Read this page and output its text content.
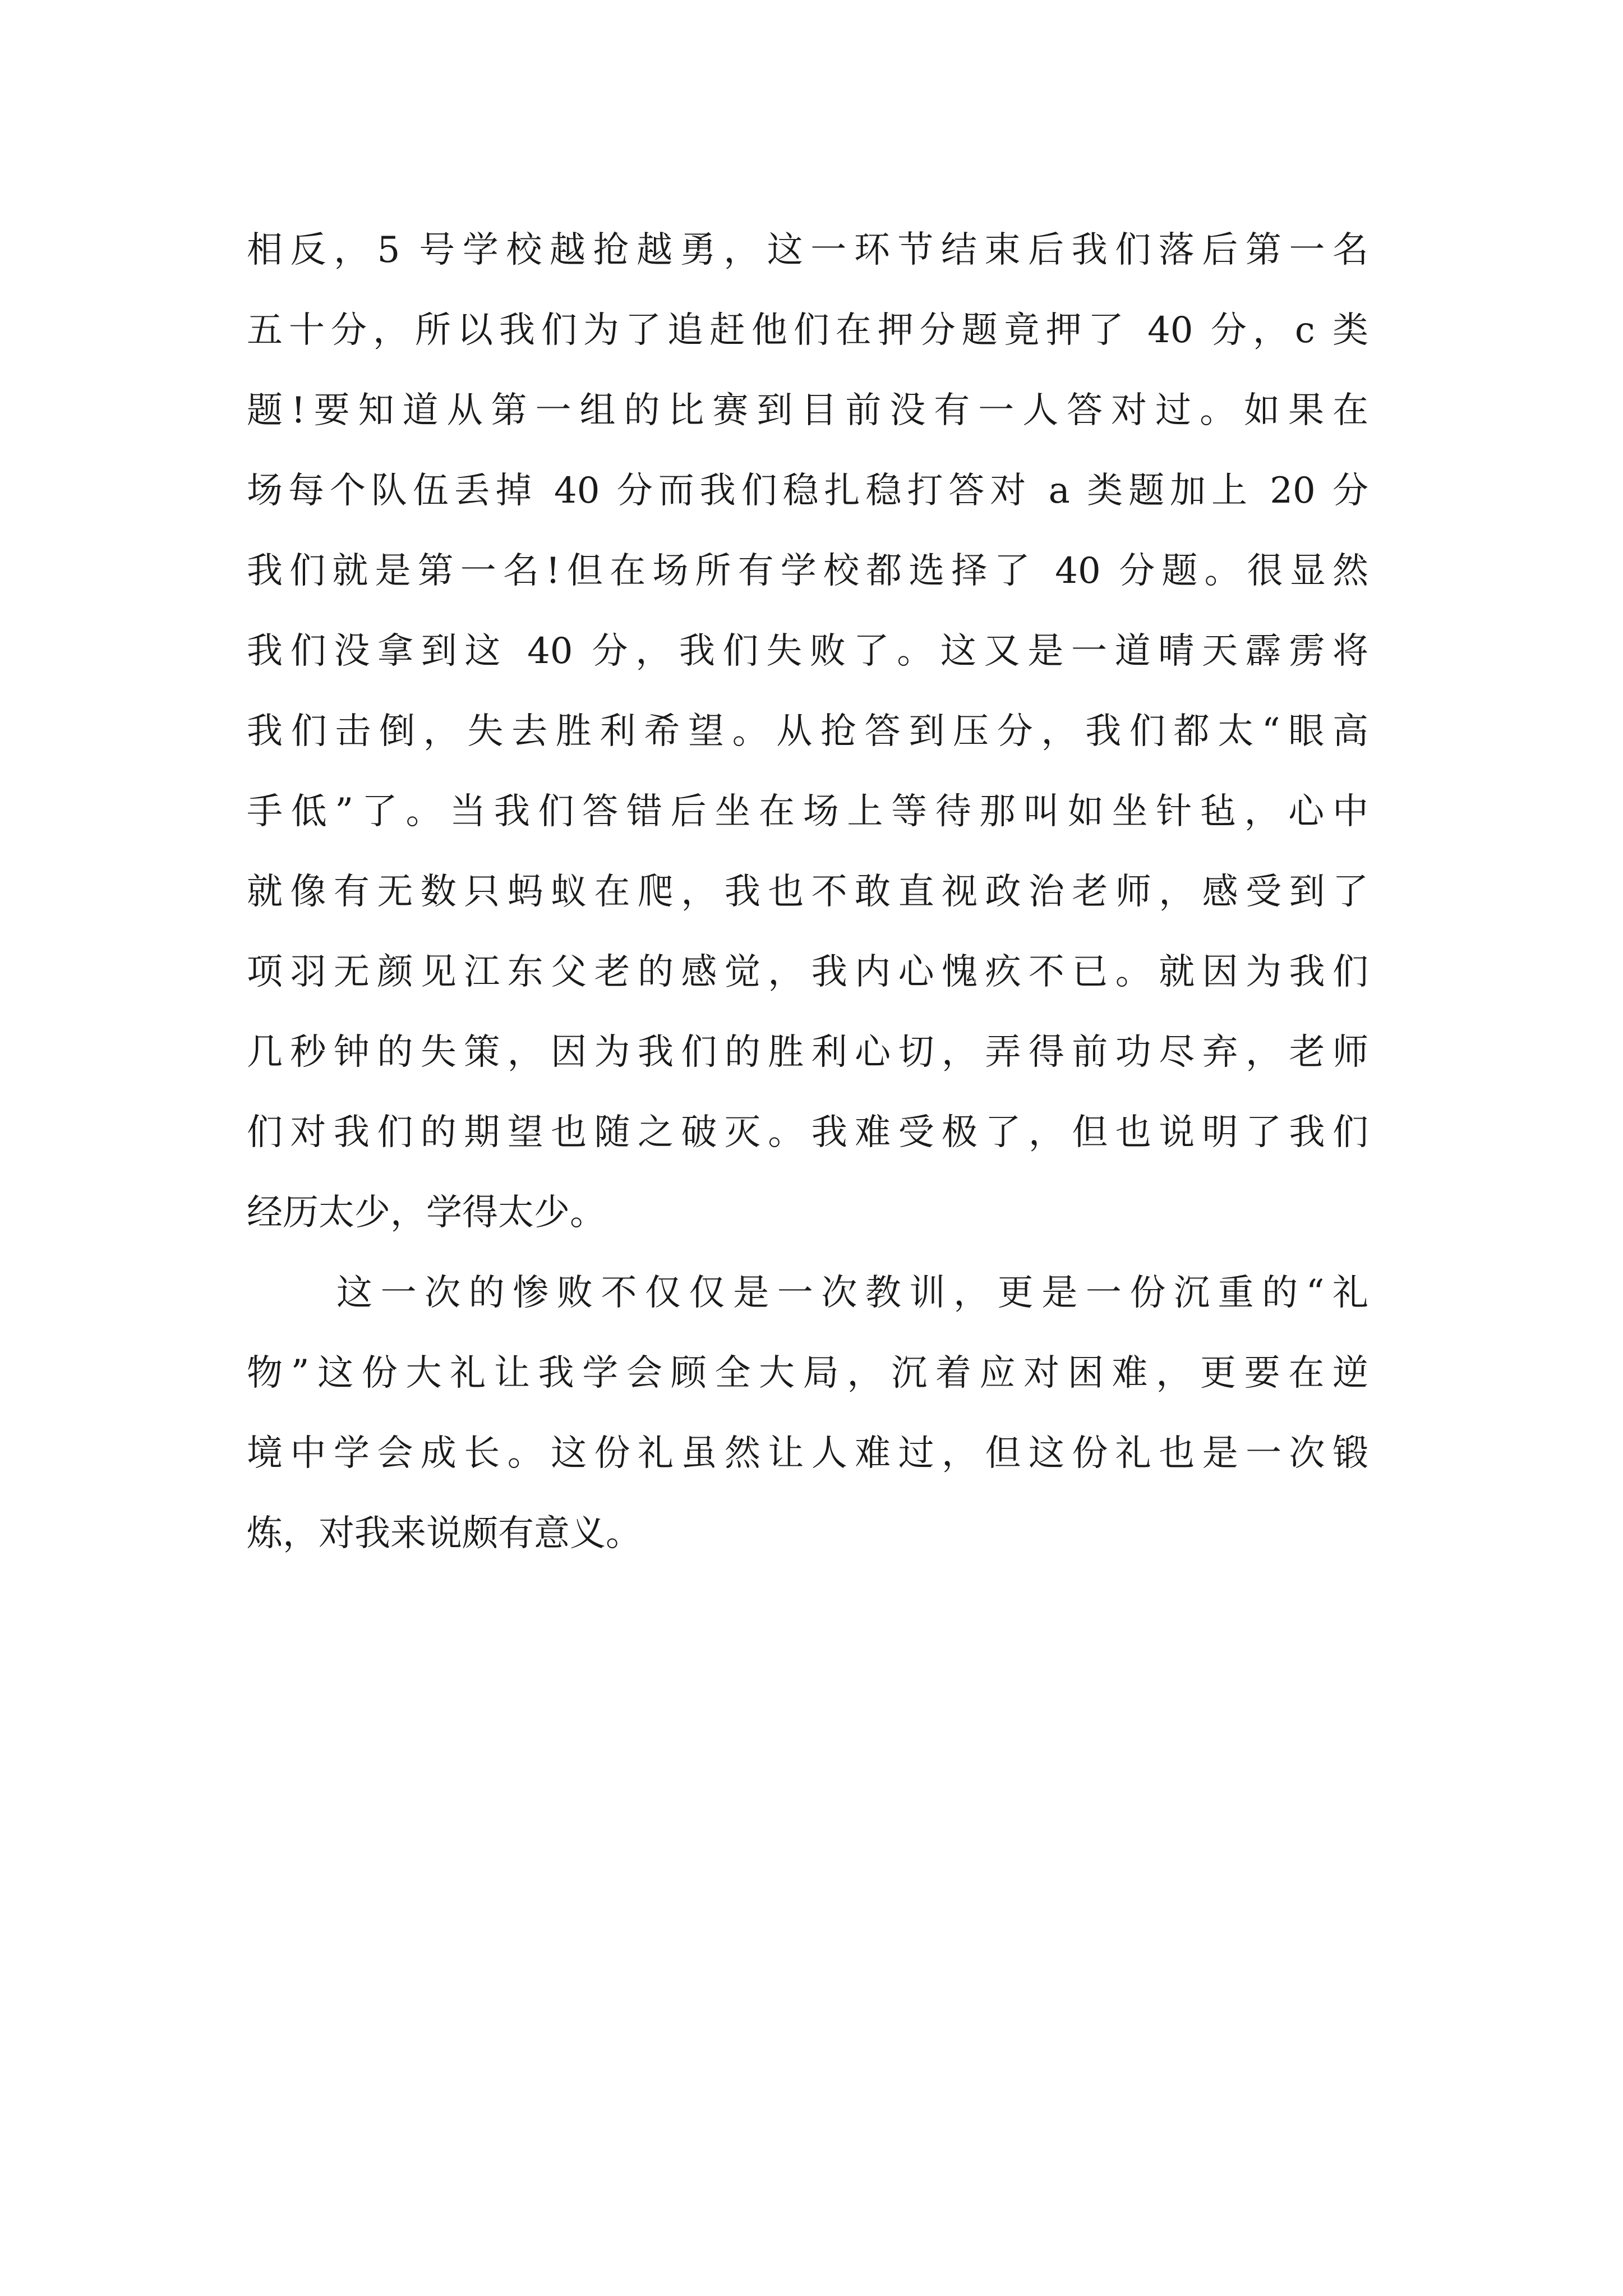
相反，5 号学校越抢越勇，这一环节结束后我们落后第一名
五十分，所以我们为了追赶他们在押分题竟押了 40 分，c 类
题!要知道从第一组的比赛到目前没有一人答对过。如果在
场每个队伍丢掉 40 分而我们稳扎稳打答对 a 类题加上 20 分
我们就是第一名!但在场所有学校都选择了 40 分题。很显然
我们没拿到这 40 分，我们失败了。这又是一道晴天霹雳将
我们击倒，失去胜利希望。从抢答到压分，我们都太“眼高
手低”了。当我们答错后坐在场上等待那叫如坐针毡，心中
就像有无数只蚂蚁在爬，我也不敢直视政治老师，感受到了
项羽无颜见江东父老的感觉，我内心愧疚不已。就因为我们
几秒钟的失策，因为我们的胜利心切，弄得前功尽弃，老师
们对我们的期望也随之破灭。我难受极了，但也说明了我们
经历太少，学得太少。
这一次的惨败不仅仅是一次教训，更是一份沉重的“礼
物”这份大礼让我学会顾全大局，沉着应对困难，更要在逆
境中学会成长。这份礼虽然让人难过，但这份礼也是一次锻
炼，对我来说颇有意义。
